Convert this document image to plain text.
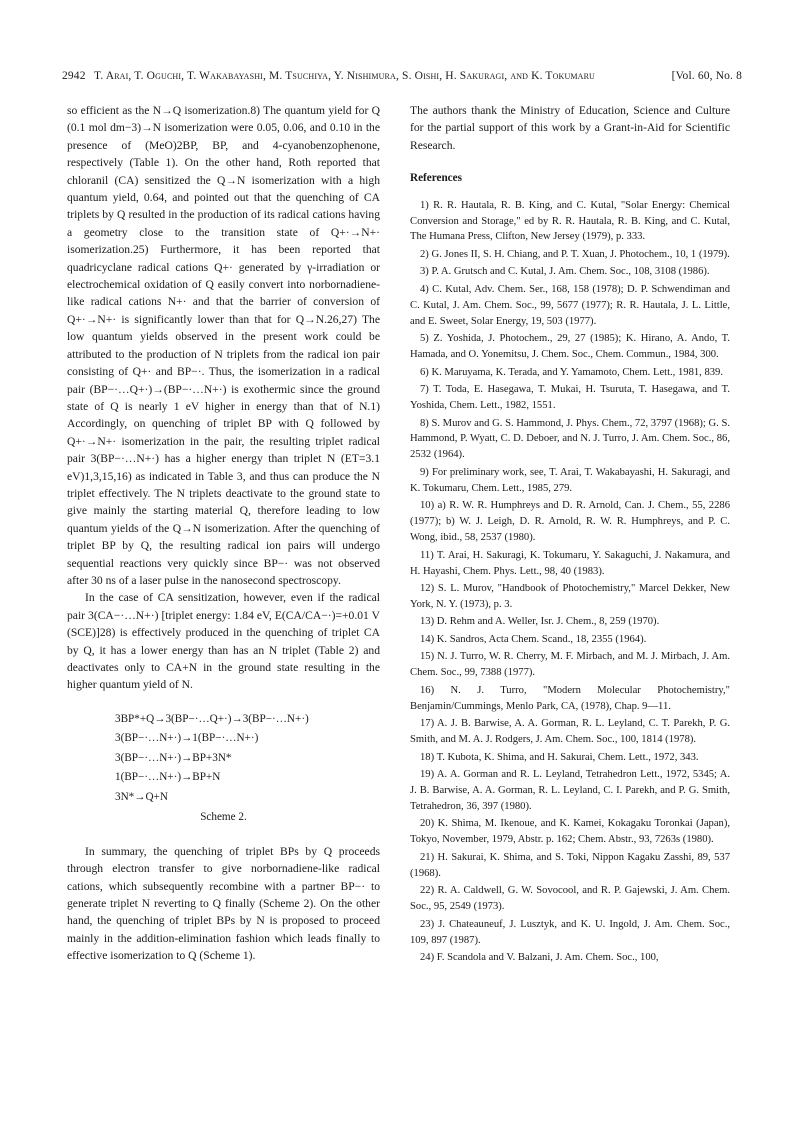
2942 T. Arai, T. Oguchi, T. Wakabayashi, M. Tsuchiya, Y. Nishimura, S. Oishi, H. Sakuragi, and K. Tokumaru	[Vol. 60, No. 8

so efficient as the N→Q isomerization.8) The quantum yield for Q (0.1 mol dm−3)→N isomerization were 0.05, 0.06, and 0.10 in the presence of (MeO)2BP, BP, and 4-cyanobenzophenone, respectively (Table 1). On the other hand, Roth reported that chloranil (CA) sensitized the Q→N isomerization with a high quantum yield, 0.64, and pointed out that the quenching of CA triplets by Q resulted in the production of its radical cations having a geometry close to the transition state of Q+·→N+· isomerization.25) Furthermore, it has been reported that quadricyclane radical cations Q+· generated by γ-irradiation or electrochemical oxidation of Q easily convert into norbornadiene-like radical cations N+· and that the barrier of conversion of Q+·→N+· is significantly lower than that for Q→N.26,27) The low quantum yields observed in the present work could be attributed to the production of N triplets from the radical ion pair consisting of Q+· and BP−·. Thus, the isomerization in a radical pair (BP−·…Q+·)→(BP−·…N+·) is exothermic since the ground state of Q is nearly 1 eV higher in energy than that of N.1) Accordingly, on quenching of triplet BP with Q followed by Q+·→N+· isomerization in the pair, the resulting triplet radical pair 3(BP−·…N+·) has a higher energy than triplet N (ET=3.1 eV)1,3,15,16) as indicated in Table 3, and thus can produce the N triplet effectively. The N triplets deactivate to the ground state to give mainly the starting material Q, therefore leading to low quantum yields of the Q→N isomerization. After the quenching of triplet BP by Q, the resulting radical ion pairs will undergo sequential reactions very quickly since BP−· was not observed after 30 ns of a laser pulse in the nanosecond spectroscopy.

In the case of CA sensitization, however, even if the radical pair 3(CA−·…N+·) [triplet energy: 1.84 eV, E(CA/CA−·)=+0.01 V (SCE)]28) is effectively produced in the quenching of triplet CA by Q, it has a lower energy than has an N triplet (Table 2) and deactivates only to CA+N in the ground state resulting in the higher quantum yield of N.

3BP*+Q→3(BP−·…Q+·)→3(BP−·…N+·)
3(BP−·…N+·)→1(BP−·…N+·)
3(BP−·…N+·)→BP+3N*
1(BP−·…N+·)→BP+N
3N*→Q+N
Scheme 2.

In summary, the quenching of triplet BPs by Q proceeds through electron transfer to give norbornadiene-like radical cations, which subsequently recombine with a partner BP−· to generate triplet N reverting to Q finally (Scheme 2). On the other hand, the quenching of triplet BPs by N is proposed to proceed mainly in the addition-elimination fashion which leads finally to effective isomerization to Q (Scheme 1).

The authors thank the Ministry of Education, Science and Culture for the partial support of this work by a Grant-in-Aid for Scientific Research.

References
1) R. R. Hautala, R. B. King, and C. Kutal, "Solar Energy: Chemical Conversion and Storage," ed by R. R. Hautala, R. B. King, and C. Kutal, The Humana Press, Clifton, New Jersey (1979), p. 333.
2) G. Jones II, S. H. Chiang, and P. T. Xuan, J. Photochem., 10, 1 (1979).
3) P. A. Grutsch and C. Kutal, J. Am. Chem. Soc., 108, 3108 (1986).
4) C. Kutal, Adv. Chem. Ser., 168, 158 (1978); D. P. Schwendiman and C. Kutal, J. Am. Chem. Soc., 99, 5677 (1977); R. R. Hautala, J. L. Little, and E. Sweet, Solar Energy, 19, 503 (1977).
5) Z. Yoshida, J. Photochem., 29, 27 (1985); K. Hirano, A. Ando, T. Hamada, and O. Yonemitsu, J. Chem. Soc., Chem. Commun., 1984, 300.
6) K. Maruyama, K. Terada, and Y. Yamamoto, Chem. Lett., 1981, 839.
7) T. Toda, E. Hasegawa, T. Mukai, H. Tsuruta, T. Hasegawa, and T. Yoshida, Chem. Lett., 1982, 1551.
8) S. Murov and G. S. Hammond, J. Phys. Chem., 72, 3797 (1968); G. S. Hammond, P. Wyatt, C. D. Deboer, and N. J. Turro, J. Am. Chem. Soc., 86, 2532 (1964).
9) For preliminary work, see, T. Arai, T. Wakabayashi, H. Sakuragi, and K. Tokumaru, Chem. Lett., 1985, 279.
10) a) R. W. R. Humphreys and D. R. Arnold, Can. J. Chem., 55, 2286 (1977); b) W. J. Leigh, D. R. Arnold, R. W. R. Humphreys, and P. C. Wong, ibid., 58, 2537 (1980).
11) T. Arai, H. Sakuragi, K. Tokumaru, Y. Sakaguchi, J. Nakamura, and H. Hayashi, Chem. Phys. Lett., 98, 40 (1983).
12) S. L. Murov, "Handbook of Photochemistry," Marcel Dekker, New York, N. Y. (1973), p. 3.
13) D. Rehm and A. Weller, Isr. J. Chem., 8, 259 (1970).
14) K. Sandros, Acta Chem. Scand., 18, 2355 (1964).
15) N. J. Turro, W. R. Cherry, M. F. Mirbach, and M. J. Mirbach, J. Am. Chem. Soc., 99, 7388 (1977).
16) N. J. Turro, "Modern Molecular Photochemistry," Benjamin/Cummings, Menlo Park, CA, (1978), Chap. 9—11.
17) A. J. B. Barwise, A. A. Gorman, R. L. Leyland, C. T. Parekh, P. G. Smith, and M. A. J. Rodgers, J. Am. Chem. Soc., 100, 1814 (1978).
18) T. Kubota, K. Shima, and H. Sakurai, Chem. Lett., 1972, 343.
19) A. A. Gorman and R. L. Leyland, Tetrahedron Lett., 1972, 5345; A. J. B. Barwise, A. A. Gorman, R. L. Leyland, C. I. Parekh, and P. G. Smith, Tetrahedron, 36, 397 (1980).
20) K. Shima, M. Ikenoue, and K. Kamei, Kokagaku Toronkai (Japan), Tokyo, November, 1979, Abstr. p. 162; Chem. Abstr., 93, 7263s (1980).
21) H. Sakurai, K. Shima, and S. Toki, Nippon Kagaku Zasshi, 89, 537 (1968).
22) R. A. Caldwell, G. W. Sovocool, and R. P. Gajewski, J. Am. Chem. Soc., 95, 2549 (1973).
23) J. Chateauneuf, J. Lusztyk, and K. U. Ingold, J. Am. Chem. Soc., 109, 897 (1987).
24) F. Scandola and V. Balzani, J. Am. Chem. Soc., 100,
